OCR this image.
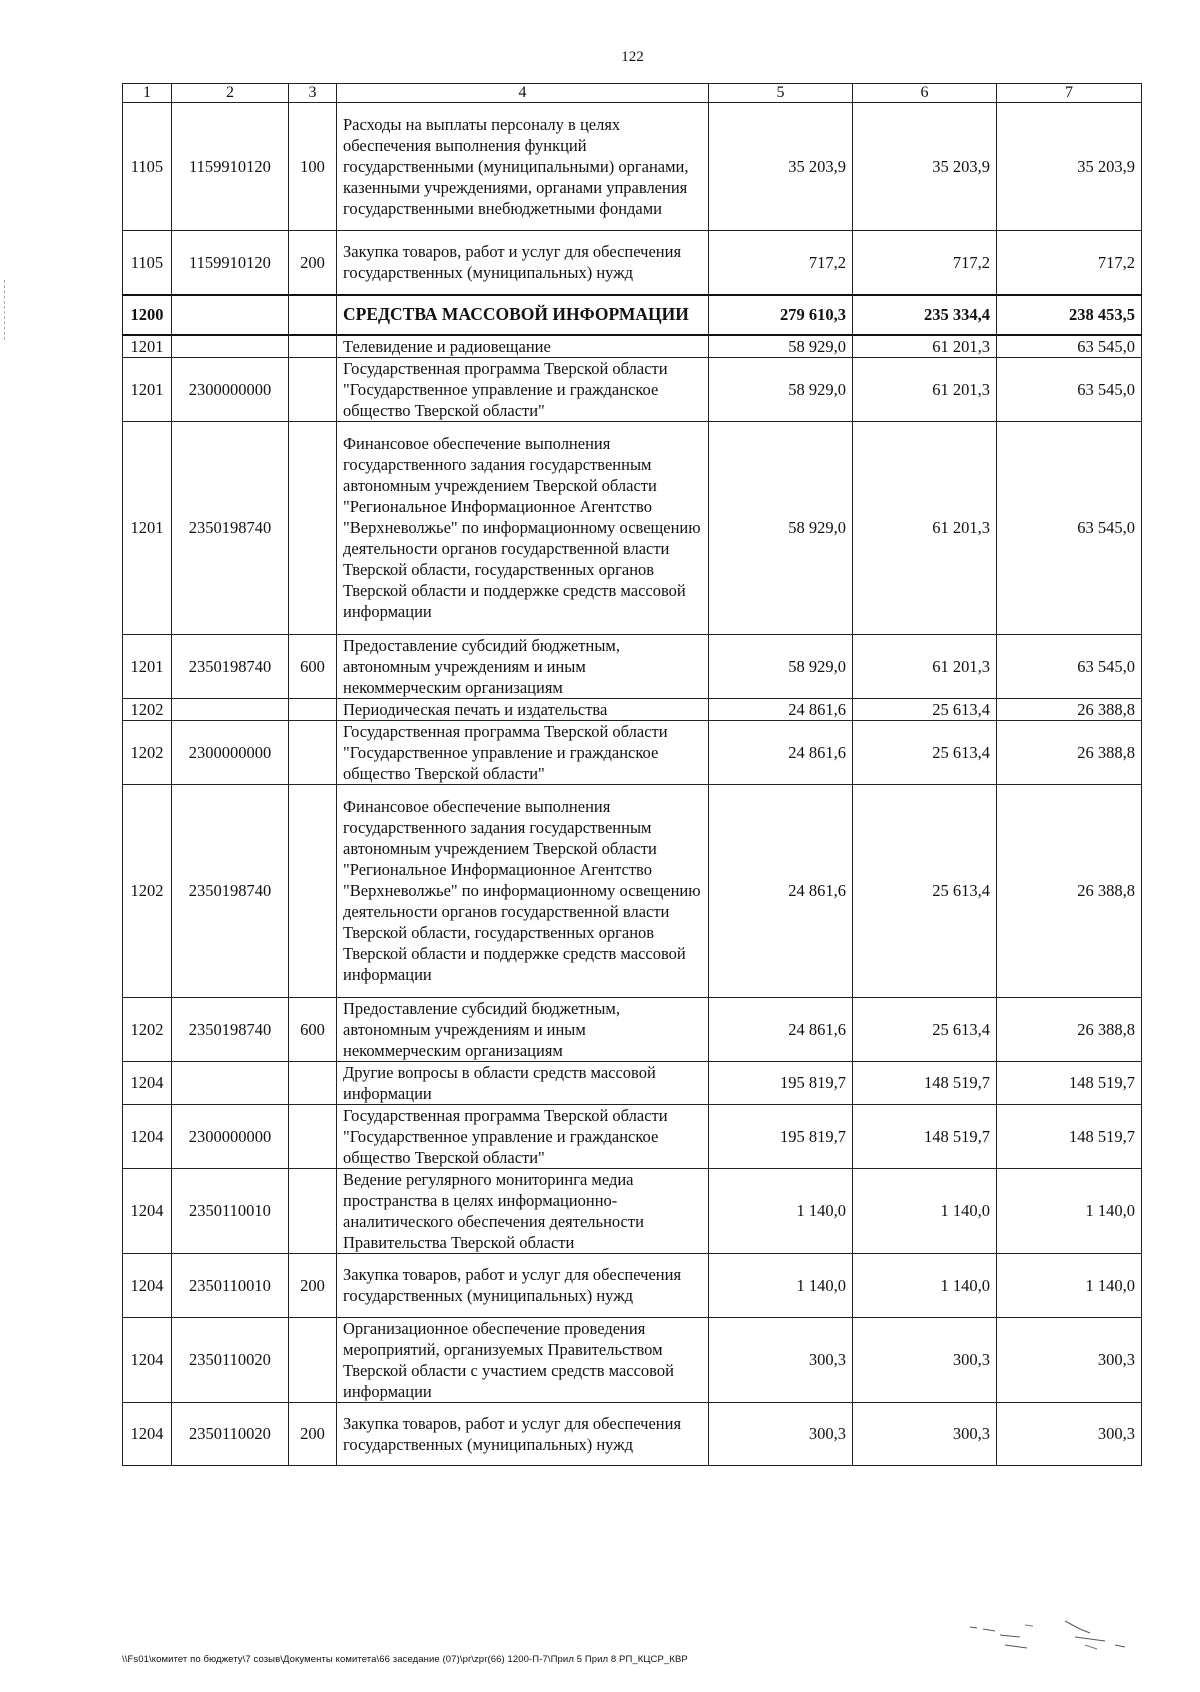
122
1	2	3	4	5	6	7
1105	1159910120	100	Расходы на выплаты персоналу в целях обеспечения выполнения функций государственными (муниципальными) органами, казенными учреждениями, органами управления государственными внебюджетными фондами	35 203,9	35 203,9	35 203,9
1105	1159910120	200	Закупка товаров, работ и услуг для обеспечения государственных (муниципальных) нужд	717,2	717,2	717,2
1200			СРЕДСТВА МАССОВОЙ ИНФОРМАЦИИ	279 610,3	235 334,4	238 453,5
1201			Телевидение и радиовещание	58 929,0	61 201,3	63 545,0
1201	2300000000		Государственная программа Тверской области "Государственное управление и гражданское общество Тверской области"	58 929,0	61 201,3	63 545,0
1201	2350198740		Финансовое обеспечение выполнения государственного задания государственным автономным учреждением Тверской области "Региональное Информационное Агентство "Верхневолжье" по информационному освещению деятельности органов государственной власти Тверской области, государственных органов Тверской области и поддержке средств массовой информации	58 929,0	61 201,3	63 545,0
1201	2350198740	600	Предоставление субсидий бюджетным, автономным учреждениям и иным некоммерческим организациям	58 929,0	61 201,3	63 545,0
1202			Периодическая печать и издательства	24 861,6	25 613,4	26 388,8
1202	2300000000		Государственная программа Тверской области "Государственное управление и гражданское общество Тверской области"	24 861,6	25 613,4	26 388,8
1202	2350198740		Финансовое обеспечение выполнения государственного задания государственным автономным учреждением Тверской области "Региональное Информационное Агентство "Верхневолжье" по информационному освещению деятельности органов государственной власти Тверской области, государственных органов Тверской области и поддержке средств массовой информации	24 861,6	25 613,4	26 388,8
1202	2350198740	600	Предоставление субсидий бюджетным, автономным учреждениям и иным некоммерческим организациям	24 861,6	25 613,4	26 388,8
1204			Другие вопросы в области средств массовой информации	195 819,7	148 519,7	148 519,7
1204	2300000000		Государственная программа Тверской области "Государственное управление и гражданское общество Тверской области"	195 819,7	148 519,7	148 519,7
1204	2350110010		Ведение регулярного мониторинга медиа пространства в целях информационно-аналитического обеспечения деятельности Правительства Тверской области	1 140,0	1 140,0	1 140,0
1204	2350110010	200	Закупка товаров, работ и услуг для обеспечения государственных (муниципальных) нужд	1 140,0	1 140,0	1 140,0
1204	2350110020		Организационное обеспечение проведения мероприятий, организуемых Правительством Тверской области с участием средств массовой информации	300,3	300,3	300,3
1204	2350110020	200	Закупка товаров, работ и услуг для обеспечения государственных (муниципальных) нужд	300,3	300,3	300,3
\\Fs01\комитет по бюджету\7 созыв\Документы комитета\66 заседание (07)\pr\zpr(66) 1200-П-7\Прил 5 Прил 8 РП_КЦСР_КВР
